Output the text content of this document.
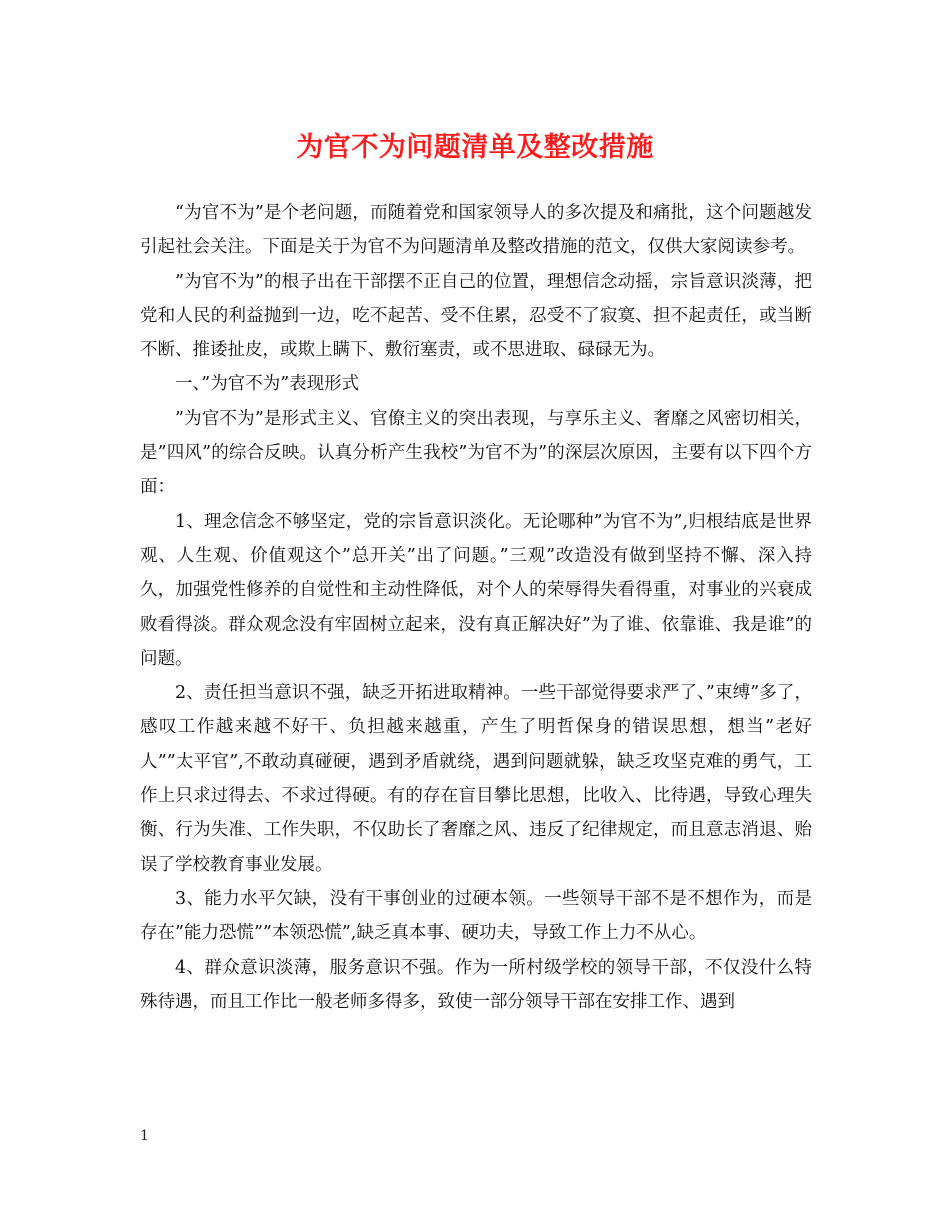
为官不为问题清单及整改措施

“为官不为”是个老问题，而随着党和国家领导人的多次提及和痛批，这个问题越发引起社会关注。下面是关于为官不为问题清单及整改措施的范文，仅供大家阅读参考。

”为官不为”的根子出在干部摆不正自己的位置，理想信念动摇，宗旨意识淡薄，把党和人民的利益抛到一边，吃不起苦、受不住累，忍受不了寂寞、担不起责任，或当断不断、推诿扯皮，或欺上瞒下、敷衍塞责，或不思进取、碌碌无为。

一、”为官不为”表现形式

”为官不为”是形式主义、官僚主义的突出表现，与享乐主义、奢靡之风密切相关，是”四风”的综合反映。认真分析产生我校”为官不为”的深层次原因，主要有以下四个方面：

1、理念信念不够坚定，党的宗旨意识淡化。无论哪种”为官不为”,归根结底是世界观、人生观、价值观这个”总开关”出了问题。”三观”改造没有做到坚持不懈、深入持久，加强党性修养的自觉性和主动性降低，对个人的荣辱得失看得重，对事业的兴衰成败看得淡。群众观念没有牢固树立起来，没有真正解决好”为了谁、依靠谁、我是谁”的问题。

2、责任担当意识不强，缺乏开拓进取精神。一些干部觉得要求严了、”束缚”多了，感叹工作越来越不好干、负担越来越重，产生了明哲保身的错误思想，想当”老好人””太平官”,不敢动真碰硬，遇到矛盾就绕，遇到问题就躲，缺乏攻坚克难的勇气，工作上只求过得去、不求过得硬。有的存在盲目攀比思想，比收入、比待遇，导致心理失衡、行为失准、工作失职，不仅助长了奢靡之风、违反了纪律规定，而且意志消退、贻误了学校教育事业发展。

3、能力水平欠缺，没有干事创业的过硬本领。一些领导干部不是不想作为，而是存在”能力恐慌””本领恐慌”,缺乏真本事、硬功夫，导致工作上力不从心。

4、群众意识淡薄，服务意识不强。作为一所村级学校的领导干部，不仅没什么特殊待遇，而且工作比一般老师多得多，致使一部分领导干部在安排工作、遇到

1
